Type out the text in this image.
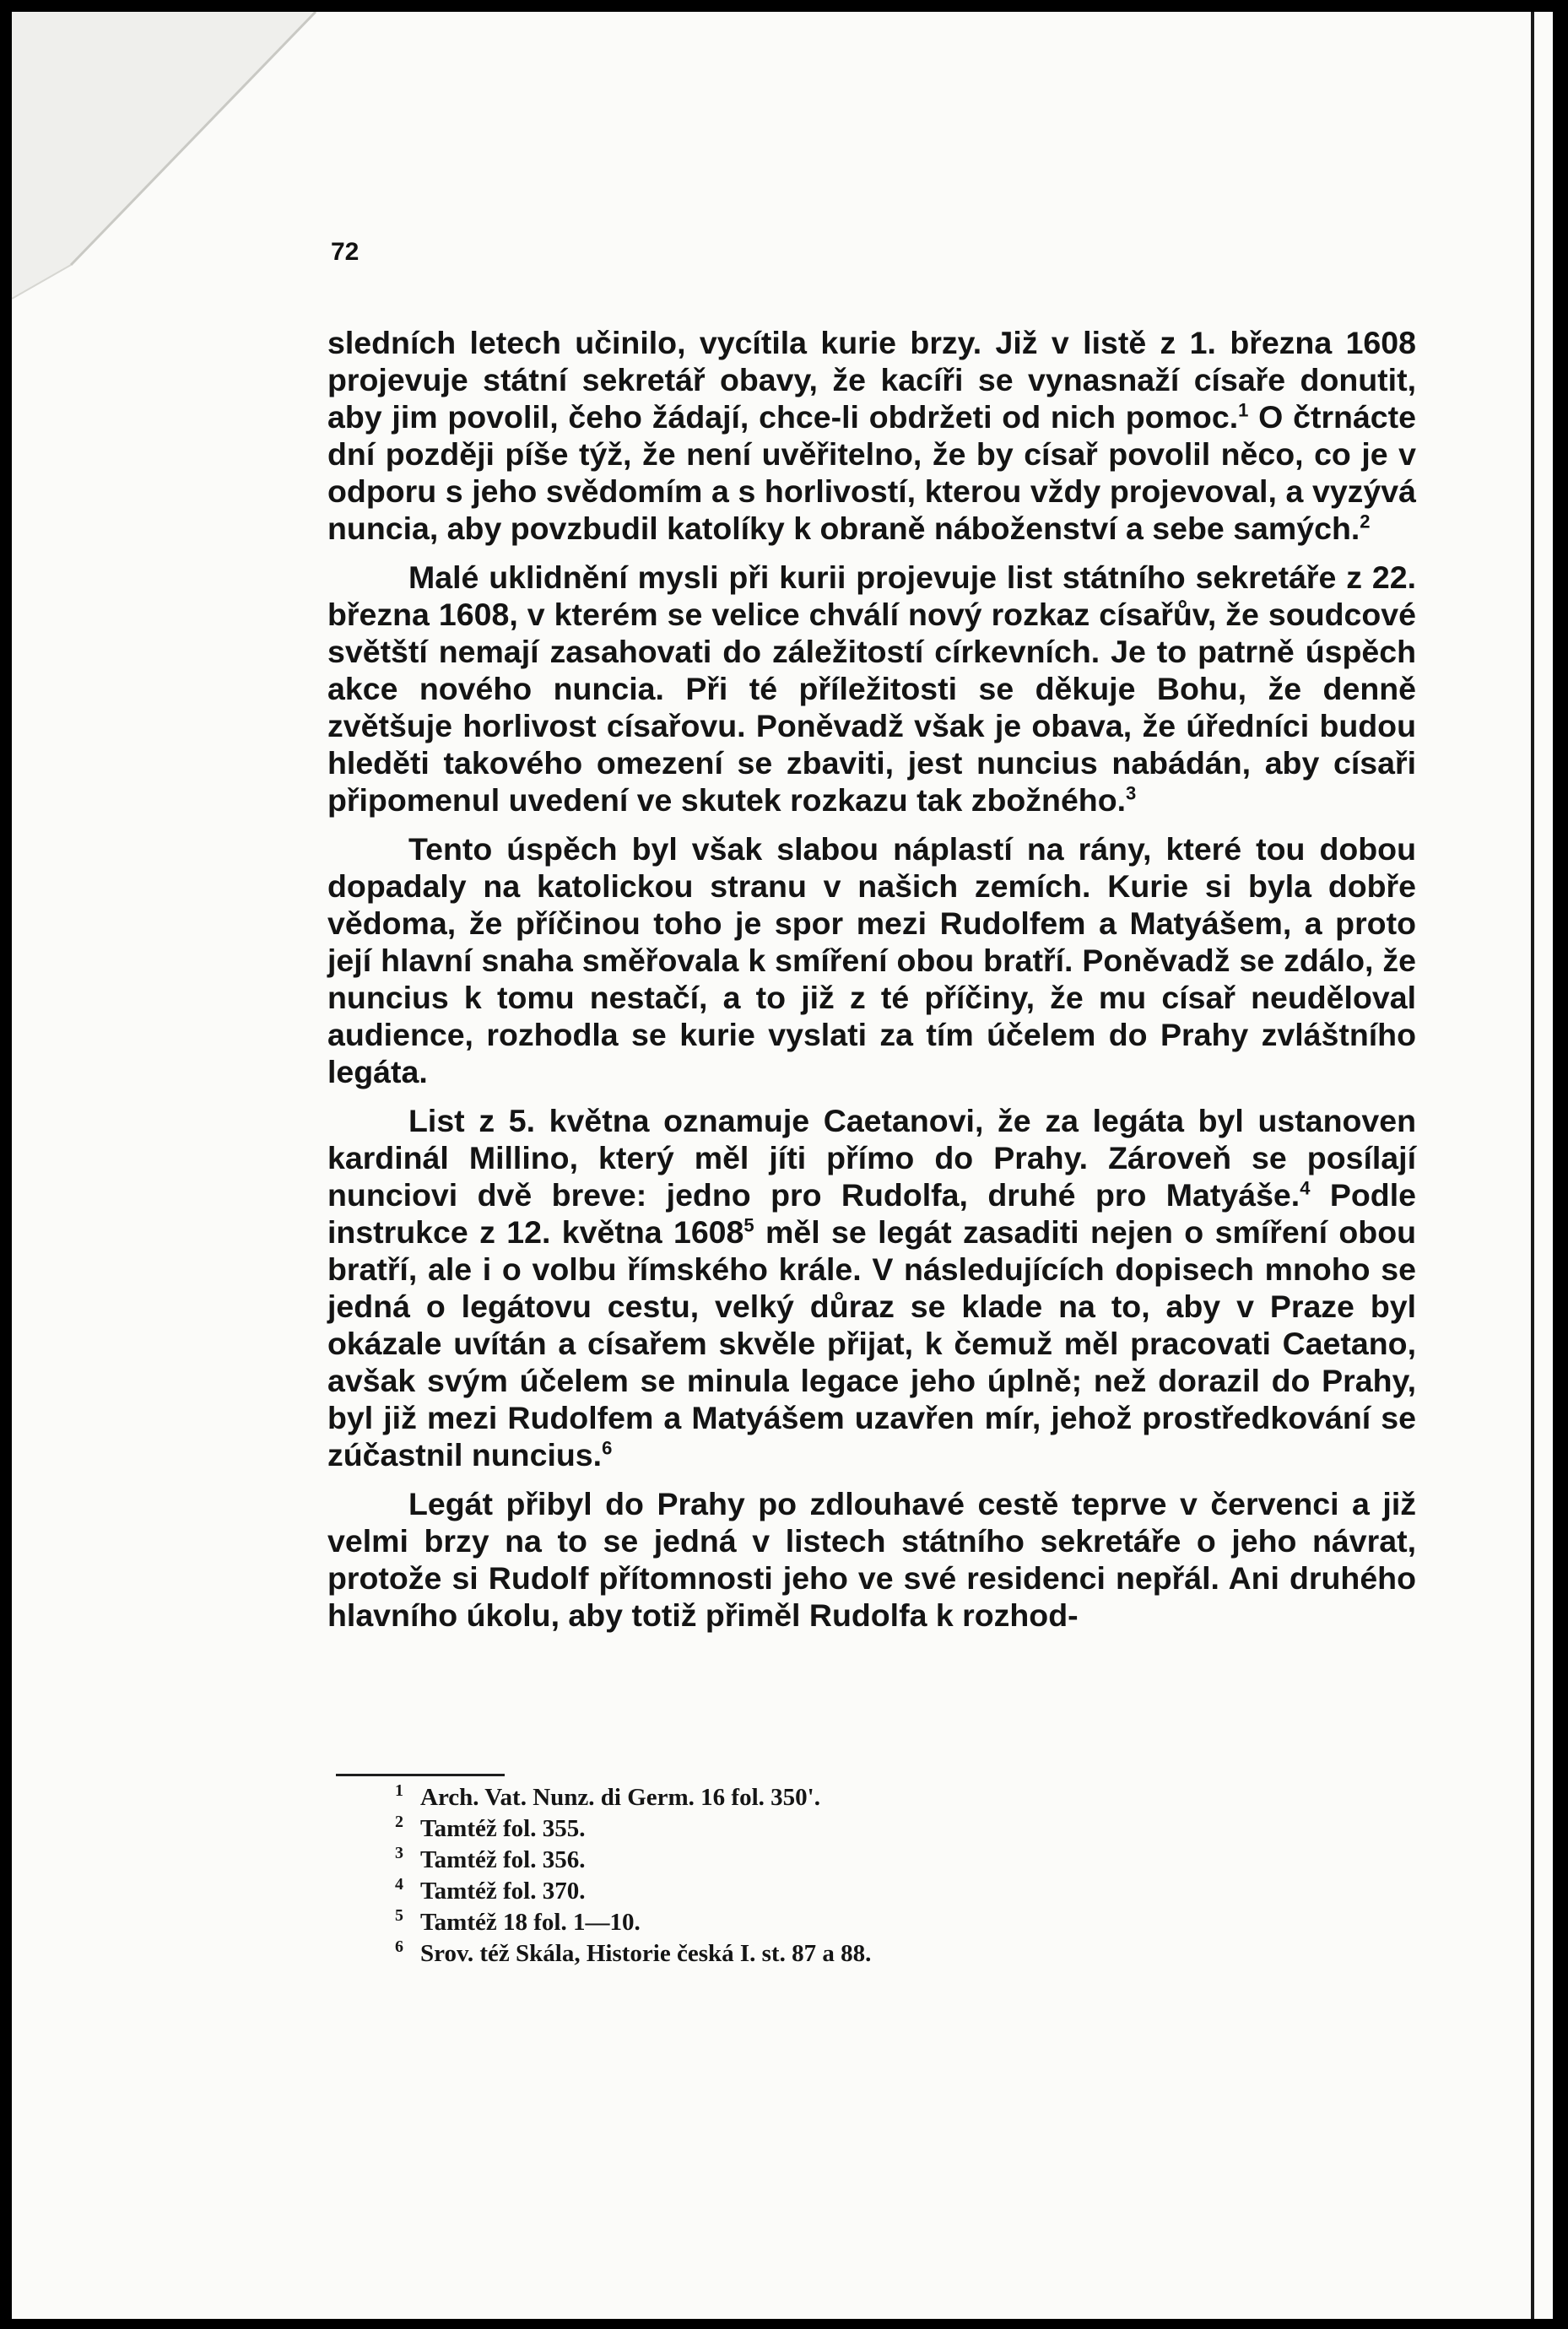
72

sledních letech učinilo, vycítila kurie brzy. Již v listě z 1. března 1608 projevuje státní sekretář obavy, že kacíři se vynasnaží císaře donutit, aby jim povolil, čeho žádají, chce-li obdržeti od nich pomoc.$^1$ O čtrnácte dní později píše týž, že není uvěřitelno, že by císař povolil něco, co je v odporu s jeho svědomím a s horlivostí, kterou vždy projevoval, a vyzývá nuncia, aby povzbudil katolíky k obraně náboženství a sebe samých.$^2$

Malé uklidnění mysli při kurii projevuje list státního sekretáře z 22. března 1608, v kterém se velice chválí nový rozkaz císařův, že soudcové světští nemají zasahovati do záležitostí církevních. Je to patrně úspěch akce nového nuncia. Při té příležitosti se děkuje Bohu, že denně zvětšuje horlivost císařovu. Poněvadž však je obava, že úředníci budou hleděti takového omezení se zbaviti, jest nuncius nabádán, aby císaři připomenul uvedení ve skutek rozkazu tak zbožného.$^3$

Tento úspěch byl však slabou náplastí na rány, které tou dobou dopadaly na katolickou stranu v našich zemích. Kurie si byla dobře vědoma, že příčinou toho je spor mezi Rudolfem a Matyášem, a proto její hlavní snaha směřovala k smíření obou bratří. Poněvadž se zdálo, že nuncius k tomu nestačí, a to již z té příčiny, že mu císař neuděloval audience, rozhodla se kurie vyslati za tím účelem do Prahy zvláštního legáta.

List z 5. května oznamuje Caetanovi, že za legáta byl ustanoven kardinál Millino, který měl jíti přímo do Prahy. Zároveň se posílají nunciovi dvě breve: jedno pro Rudolfa, druhé pro Matyáše.$^4$ Podle instrukce z 12. května 1608$^5$ měl se legát zasaditi nejen o smíření obou bratří, ale i o volbu římského krále. V následujících dopisech mnoho se jedná o legátovu cestu, velký důraz se klade na to, aby v Praze byl okázale uvítán a císařem skvěle přijat, k čemuž měl pracovati Caetano, avšak svým účelem se minula legace jeho úplně; než dorazil do Prahy, byl již mezi Rudolfem a Matyášem uzavřen mír, jehož prostředkování se zúčastnil nuncius.$^6$

Legát přibyl do Prahy po zdlouhavé cestě teprve v červenci a již velmi brzy na to se jedná v listech státního sekretáře o jeho návrat, protože si Rudolf přítomnosti jeho ve své residenci nepřál. Ani druhého hlavního úkolu, aby totiž přiměl Rudolfa k rozhod-

1 Arch. Vat. Nunz. di Germ. 16 fol. 350'.
2 Tamtéž fol. 355.
3 Tamtéž fol. 356.
4 Tamtéž fol. 370.
5 Tamtéž 18 fol. 1—10.
6 Srov. též Skála, Historie česká I. st. 87 a 88.
